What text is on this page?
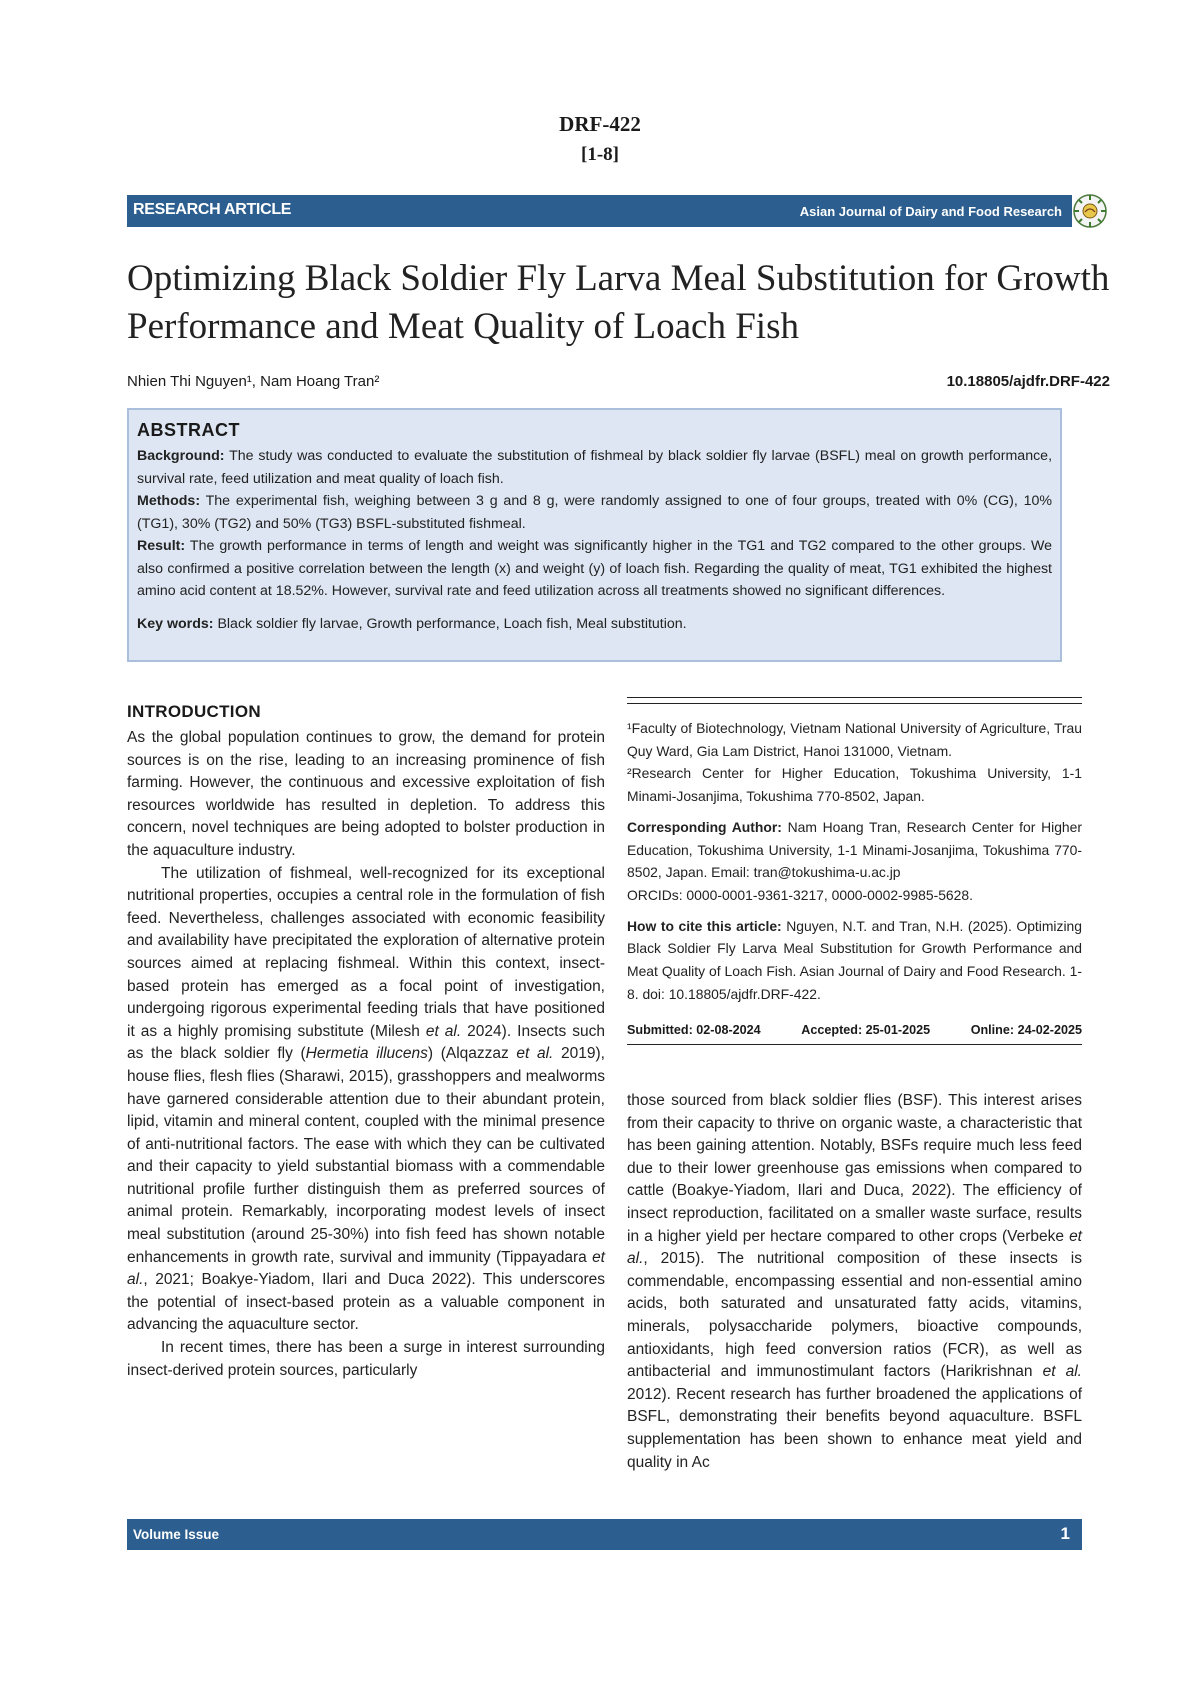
DRF-422
[1-8]
RESEARCH ARTICLE	Asian Journal of Dairy and Food Research
Optimizing Black Soldier Fly Larva Meal Substitution for Growth Performance and Meat Quality of Loach Fish
Nhien Thi Nguyen¹, Nam Hoang Tran²	10.18805/ajdfr.DRF-422
ABSTRACT

Background: The study was conducted to evaluate the substitution of fishmeal by black soldier fly larvae (BSFL) meal on growth performance, survival rate, feed utilization and meat quality of loach fish.

Methods: The experimental fish, weighing between 3 g and 8 g, were randomly assigned to one of four groups, treated with 0% (CG), 10% (TG1), 30% (TG2) and 50% (TG3) BSFL-substituted fishmeal.

Result: The growth performance in terms of length and weight was significantly higher in the TG1 and TG2 compared to the other groups. We also confirmed a positive correlation between the length (x) and weight (y) of loach fish. Regarding the quality of meat, TG1 exhibited the highest amino acid content at 18.52%. However, survival rate and feed utilization across all treatments showed no significant differences.

Key words: Black soldier fly larvae, Growth performance, Loach fish, Meal substitution.

INTRODUCTION

As the global population continues to grow, the demand for protein sources is on the rise, leading to an increasing prominence of fish farming. However, the continuous and excessive exploitation of fish resources worldwide has resulted in depletion. To address this concern, novel techniques are being adopted to bolster production in the aquaculture industry.

The utilization of fishmeal, well-recognized for its exceptional nutritional properties, occupies a central role in the formulation of fish feed. Nevertheless, challenges associated with economic feasibility and availability have precipitated the exploration of alternative protein sources aimed at replacing fishmeal. Within this context, insect-based protein has emerged as a focal point of investigation, undergoing rigorous experimental feeding trials that have positioned it as a highly promising substitute (Milesh et al. 2024). Insects such as the black soldier fly (Hermetia illucens) (Alqazzaz et al. 2019), house flies, flesh flies (Sharawi, 2015), grasshoppers and mealworms have garnered considerable attention due to their abundant protein, lipid, vitamin and mineral content, coupled with the minimal presence of anti-nutritional factors. The ease with which they can be cultivated and their capacity to yield substantial biomass with a commendable nutritional profile further distinguish them as preferred sources of animal protein. Remarkably, incorporating modest levels of insect meal substitution (around 25-30%) into fish feed has shown notable enhancements in growth rate, survival and immunity (Tippayadara et al., 2021; Boakye-Yiadom, Ilari and Duca 2022). This underscores the potential of insect-based protein as a valuable component in advancing the aquaculture sector.

In recent times, there has been a surge in interest surrounding insect-derived protein sources, particularly

¹Faculty of Biotechnology, Vietnam National University of Agriculture, Trau Quy Ward, Gia Lam District, Hanoi 131000, Vietnam.

²Research Center for Higher Education, Tokushima University, 1-1 Minami-Josanjima, Tokushima 770-8502, Japan.

Corresponding Author: Nam Hoang Tran, Research Center for Higher Education, Tokushima University, 1-1 Minami-Josanjima, Tokushima 770-8502, Japan. Email: tran@tokushima-u.ac.jp

ORCIDs: 0000-0001-9361-3217, 0000-0002-9985-5628.

How to cite this article: Nguyen, N.T. and Tran, N.H. (2025). Optimizing Black Soldier Fly Larva Meal Substitution for Growth Performance and Meat Quality of Loach Fish. Asian Journal of Dairy and Food Research. 1-8. doi: 10.18805/ajdfr.DRF-422.

Submitted: 02-08-2024	Accepted: 25-01-2025	Online: 24-02-2025
those sourced from black soldier flies (BSF). This interest arises from their capacity to thrive on organic waste, a characteristic that has been gaining attention. Notably, BSFs require much less feed due to their lower greenhouse gas emissions when compared to cattle (Boakye-Yiadom, Ilari and Duca, 2022). The efficiency of insect reproduction, facilitated on a smaller waste surface, results in a higher yield per hectare compared to other crops (Verbeke et al., 2015). The nutritional composition of these insects is commendable, encompassing essential and non-essential amino acids, both saturated and unsaturated fatty acids, vitamins, minerals, polysaccharide polymers, bioactive compounds, antioxidants, high feed conversion ratios (FCR), as well as antibacterial and immunostimulant factors (Harikrishnan et al. 2012). Recent research has further broadened the applications of BSFL, demonstrating their benefits beyond aquaculture. BSFL supplementation has been shown to enhance meat yield and quality in Ac
Volume Issue	1
